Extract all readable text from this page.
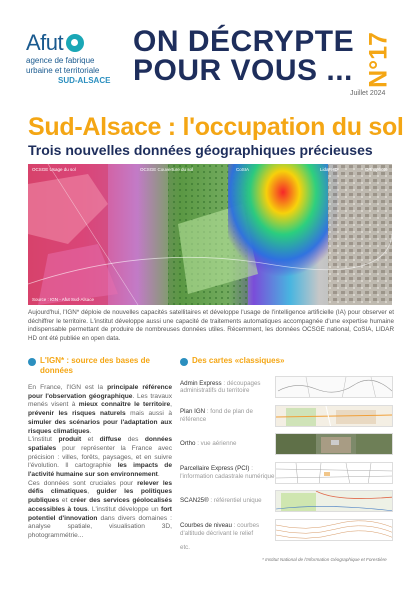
Afut
agence de fabrique
urbaine et territoriale
SUD-ALSACE
ON DÉCRYPTE
POUR VOUS ... N°17
Juillet 2024
Sud-Alsace : l'occupation du sol
Trois nouvelles données géographiques précieuses
OCSGE Usage du sol	OCSGE Couverture du sol	CoSIA	Lidar HD	Orthophoto
Source : IGN - Afut Sud-Alsace

Aujourd'hui, l'IGN* déploie de nouvelles capacités satellitaires et développe l'usage de l'intelligence artificielle (IA) pour observer et déchiffrer le territoire. L'institut développe aussi une capacité de traitements automatiques accompagnée d'une expertise humaine indispensable permettant de produire de nombreuses données utiles. Récemment, les données OCSGE national, CoSIA, LIDAR HD ont été publiée en open data.

L'IGN* : source des bases de données

En France, l'IGN est la principale référence pour l'observation géographique. Les travaux menés visent à mieux connaître le territoire, prévenir les risques naturels mais aussi à simuler des scénarios pour l'adaptation aux risques climatiques.
L'institut produit et diffuse des données spatiales pour représenter la France avec précision : villes, forêts, paysages, et en suivre l'évolution. Il cartographie les impacts de l'activité humaine sur son environnement.
Ces données sont cruciales pour relever les défis climatiques, guider les politiques publiques et créer des services géolocalisés accessibles à tous. L'institut développe un fort potentiel d'innovation dans divers domaines : analyse spatiale, visualisation 3D, photogrammétrie...

Des cartes «classiques»
Admin Express : découpages administratifs du territoire
Plan IGN : fond de plan de référence
Ortho : vue aérienne
Parcellaire Express (PCI) : l'information cadastrale numérique
SCAN25® : référentiel unique
Courbes de niveau : courbes d'altitude décrivant le relief
etc.
* Institut National de l'Information Géographique et Forestière
